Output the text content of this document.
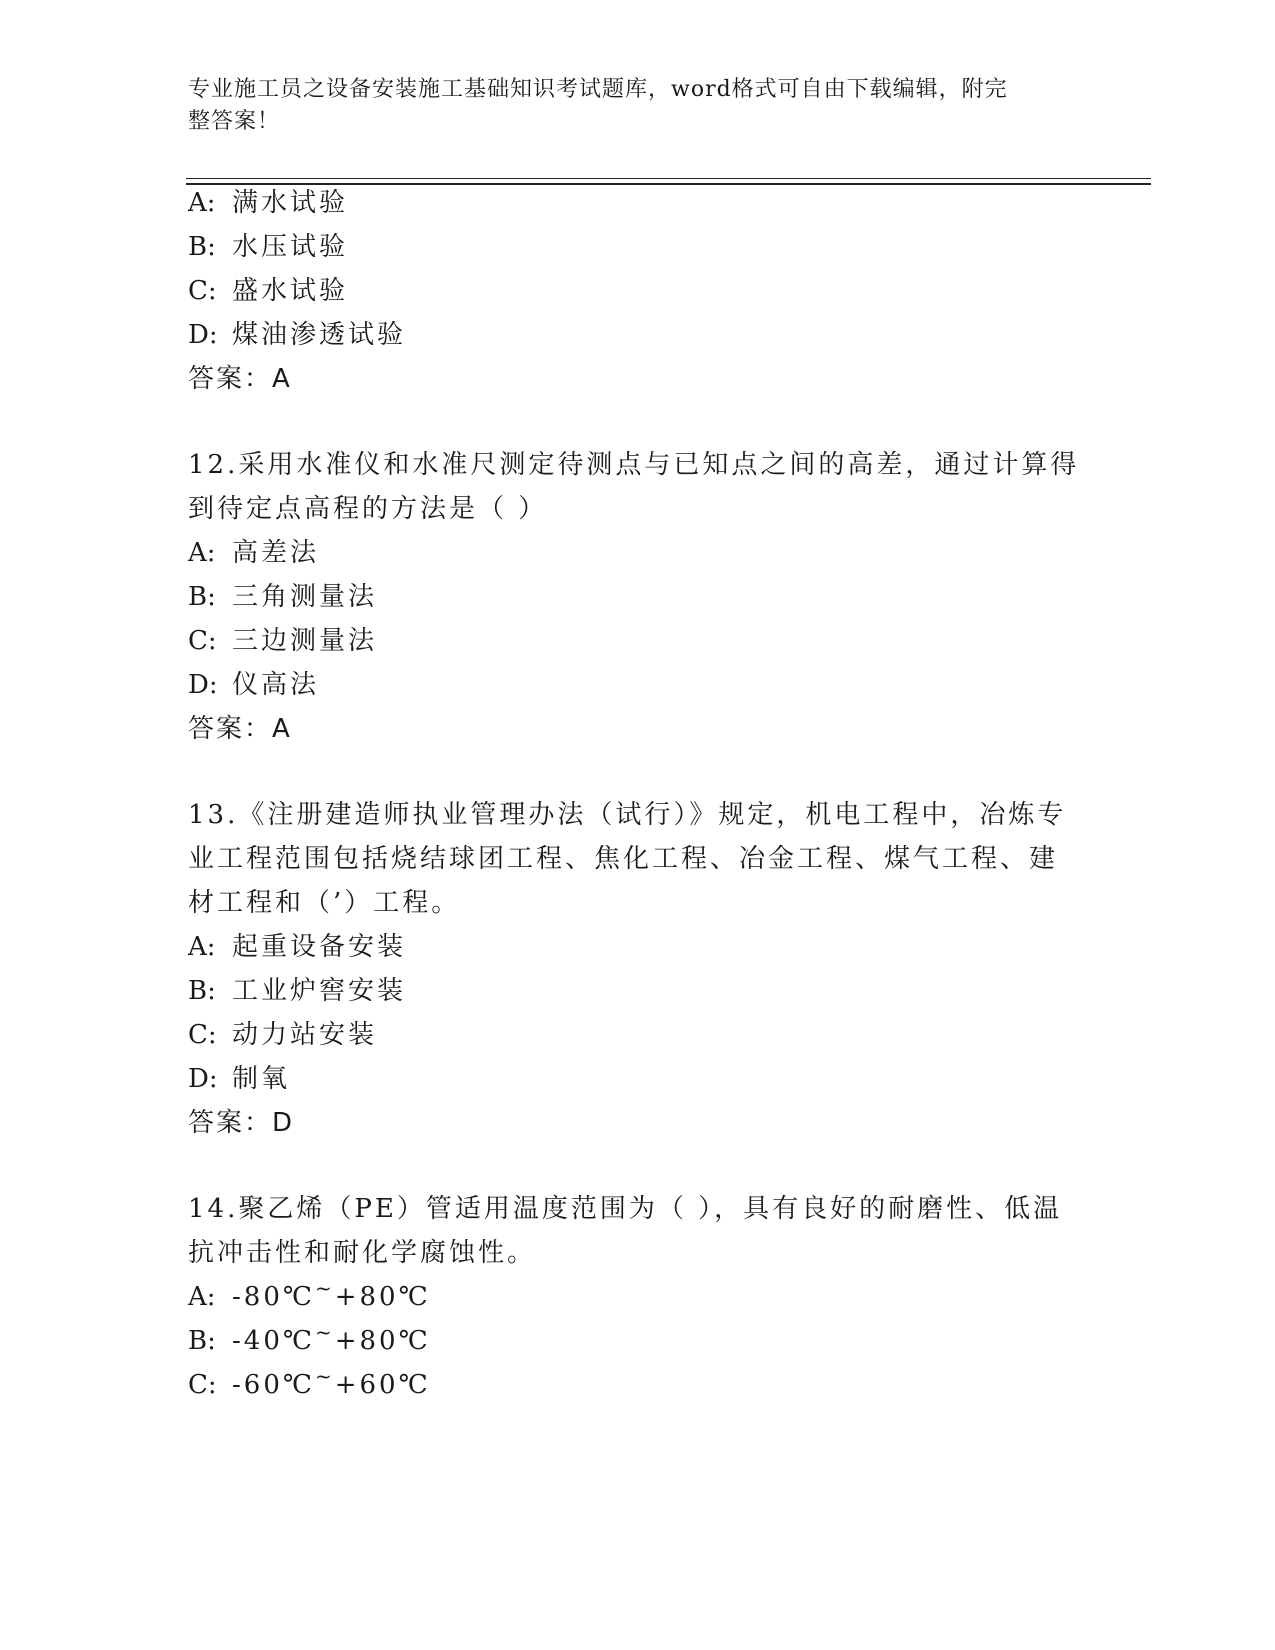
专业施工员之设备安装施工基础知识考试题库，word格式可自由下载编辑，附完
整答案！
A: 满水试验
B: 水压试验
C: 盛水试验
D: 煤油渗透试验
答案：A
12.采用水准仪和水准尺测定待测点与已知点之间的高差，通过计算得
到待定点高程的方法是（ ）
A: 高差法
B: 三角测量法
C: 三边测量法
D: 仪高法
答案：A
13.《注册建造师执业管理办法（试行）》规定，机电工程中，冶炼专
业工程范围包括烧结球团工程、焦化工程、冶金工程、煤气工程、建
材工程和（’）工程。
A: 起重设备安装
B: 工业炉窖安装
C: 动力站安装
D: 制氧
答案：D
14.聚乙烯（PE）管适用温度范围为（ ），具有良好的耐磨性、低温
抗冲击性和耐化学腐蚀性。
A: -80℃~+80℃
B: -40℃~+80℃
C: -60℃~+60℃
